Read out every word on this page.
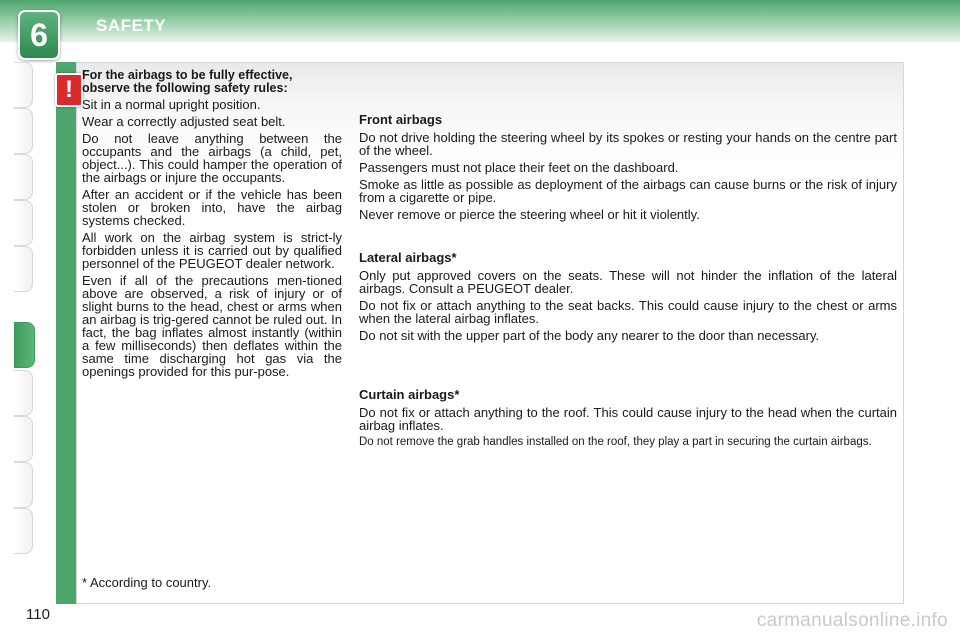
6	SAFETY
110
!
For the airbags to be fully effective, observe the following safety rules:

Sit in a normal upright position.

Wear a correctly adjusted seat belt.

Do not leave anything between the occupants and the airbags (a child, pet, object...). This could hamper the operation of the airbags or injure the occupants.

After an accident or if the vehicle has been stolen or broken into, have the airbag systems checked.

All work on the airbag system is strict-ly forbidden unless it is carried out by qualified personnel of the PEUGEOT dealer network.

Even if all of the precautions men-tioned above are observed, a risk of injury or of slight burns to the head, chest or arms when an airbag is trig-gered cannot be ruled out. In fact, the bag inflates almost instantly (within a few milliseconds) then deflates within the same time discharging hot gas via the openings provided for this pur-pose.

* According to country.
Front airbags

Do not drive holding the steering wheel by its spokes or resting your hands on the centre part of the wheel.

Passengers must not place their feet on the dashboard.

Smoke as little as possible as deployment of the airbags can cause burns or the risk of injury from a cigarette or pipe.

Never remove or pierce the steering wheel or hit it violently.

Lateral airbags*

Only put approved covers on the seats. These will not hinder the inflation of the lateral airbags. Consult a PEUGEOT dealer.

Do not fix or attach anything to the seat backs. This could cause injury to the chest or arms when the lateral airbag inflates.

Do not sit with the upper part of the body any nearer to the door than necessary.

Curtain airbags*

Do not fix or attach anything to the roof. This could cause injury to the head when the curtain airbag inflates.

Do not remove the grab handles installed on the roof, they play a part in securing the curtain airbags.

carmanualsonline.info
